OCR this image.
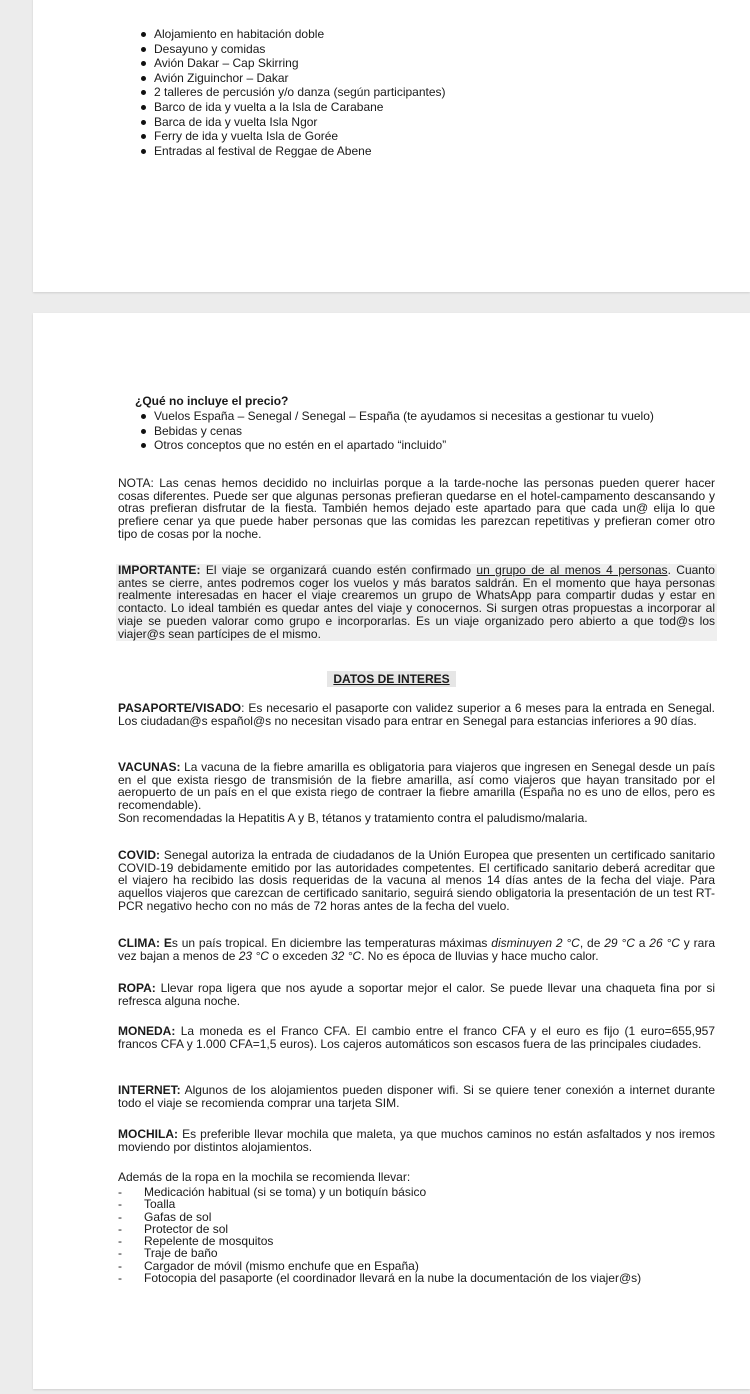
Alojamiento en habitación doble
Desayuno y comidas
Avión Dakar – Cap Skirring
Avión Ziguinchor – Dakar
2 talleres de percusión y/o danza (según participantes)
Barco de ida y vuelta a la Isla de Carabane
Barca de ida y vuelta Isla Ngor
Ferry de ida y vuelta Isla de Gorée
Entradas al festival de Reggae de Abene
¿Qué no incluye el precio?
Vuelos España – Senegal / Senegal – España (te ayudamos si necesitas a gestionar tu vuelo)
Bebidas y cenas
Otros conceptos que no estén en el apartado “incluido”

NOTA: Las cenas hemos decidido no incluirlas porque a la tarde-noche las personas pueden querer hacer cosas diferentes. Puede ser que algunas personas prefieran quedarse en el hotel-campamento descansando y otras prefieran disfrutar de la fiesta. También hemos dejado este apartado para que cada un@ elija lo que prefiere cenar ya que puede haber personas que las comidas les parezcan repetitivas y prefieran comer otro tipo de cosas por la noche.

IMPORTANTE: El viaje se organizará cuando estén confirmado un grupo de al menos 4 personas. Cuanto antes se cierre, antes podremos coger los vuelos y más baratos saldrán. En el momento que haya personas realmente interesadas en hacer el viaje crearemos un grupo de WhatsApp para compartir dudas y estar en contacto. Lo ideal también es quedar antes del viaje y conocernos. Si surgen otras propuestas a incorporar al viaje se pueden valorar como grupo e incorporarlas. Es un viaje organizado pero abierto a que tod@s los viajer@s sean partícipes de el mismo.

DATOS DE INTERES

PASAPORTE/VISADO: Es necesario el pasaporte con validez superior a 6 meses para la entrada en Senegal. Los ciudadan@s español@s no necesitan visado para entrar en Senegal para estancias inferiores a 90 días.

VACUNAS: La vacuna de la fiebre amarilla es obligatoria para viajeros que ingresen en Senegal desde un país en el que exista riesgo de transmisión de la fiebre amarilla, así como viajeros que hayan transitado por el aeropuerto de un país en el que exista riego de contraer la fiebre amarilla (España no es uno de ellos, pero es recomendable).
Son recomendadas la Hepatitis A y B, tétanos y tratamiento contra el paludismo/malaria.

COVID: Senegal autoriza la entrada de ciudadanos de la Unión Europea que presenten un certificado sanitario COVID-19 debidamente emitido por las autoridades competentes. El certificado sanitario deberá acreditar que el viajero ha recibido las dosis requeridas de la vacuna al menos 14 días antes de la fecha del viaje. Para aquellos viajeros que carezcan de certificado sanitario, seguirá siendo obligatoria la presentación de un test RT-PCR negativo hecho con no más de 72 horas antes de la fecha del vuelo.

CLIMA: Es un país tropical. En diciembre las temperaturas máximas disminuyen 2 °C, de 29 °C a 26 °C y rara vez bajan a menos de 23 °C o exceden 32 °C. No es época de lluvias y hace mucho calor.

ROPA: Llevar ropa ligera que nos ayude a soportar mejor el calor. Se puede llevar una chaqueta fina por si refresca alguna noche.

MONEDA: La moneda es el Franco CFA. El cambio entre el franco CFA y el euro es fijo (1 euro=655,957 francos CFA y 1.000 CFA=1,5 euros). Los cajeros automáticos son escasos fuera de las principales ciudades.

INTERNET: Algunos de los alojamientos pueden disponer wifi. Si se quiere tener conexión a internet durante todo el viaje se recomienda comprar una tarjeta SIM.

MOCHILA: Es preferible llevar mochila que maleta, ya que muchos caminos no están asfaltados y nos iremos moviendo por distintos alojamientos.

Además de la ropa en la mochila se recomienda llevar:

- Medicación habitual (si se toma) y un botiquín básico
- Toalla
- Gafas de sol
- Protector de sol
- Repelente de mosquitos
- Traje de baño
- Cargador de móvil (mismo enchufe que en España)
- Fotocopia del pasaporte (el coordinador llevará en la nube la documentación de los viajer@s)
